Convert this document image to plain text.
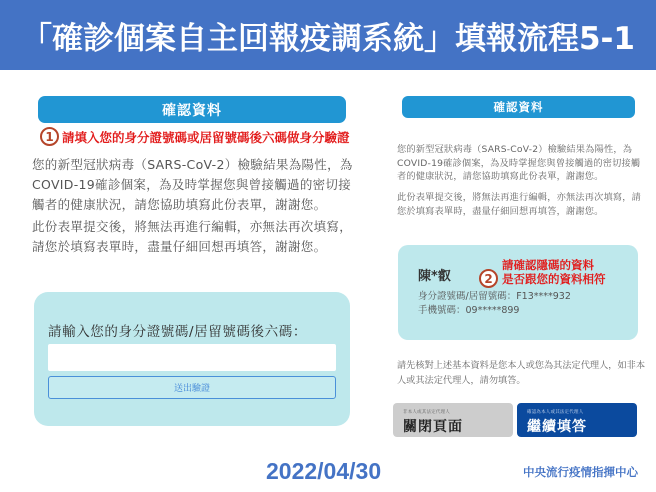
「確診個案自主回報疫調系統」填報流程5-1
確認資料
1 請填入您的身分證號碼或居留號碼後六碼做身分驗證

您的新型冠狀病毒（SARS-CoV-2）檢驗結果為陽性，為COVID-19確診個案，為及時掌握您與曾接觸過的密切接觸者的健康狀況，請您協助填寫此份表單，謝謝您。

此份表單提交後，將無法再進行編輯，亦無法再次填寫，請您於填寫表單時，盡量仔細回想再填答，謝謝您。

請輸入您的身分證號碼/居留號碼後六碼：
送出驗證
確認資料

您的新型冠狀病毒（SARS-CoV-2）檢驗結果為陽性，為COVID-19確診個案，為及時掌握您與曾接觸過的密切接觸者的健康狀況，請您協助填寫此份表單，謝謝您。

此份表單提交後，將無法再進行編輯，亦無法再次填寫，請您於填寫表單時，盡量仔細回想再填答，謝謝您。

陳*叡	2
請確認隱碼的資料
是否跟您的資料相符
身分證號碼/居留號碼：F13****932
手機號碼：09*****899

請先核對上述基本資料是您本人或您為其法定代理人，如非本人或其法定代理人，請勿填答。

非本人或其法定代理人
關閉頁面
確認為本人或其法定代理人
繼續填答
2022/04/30	中央流行疫情指揮中心
